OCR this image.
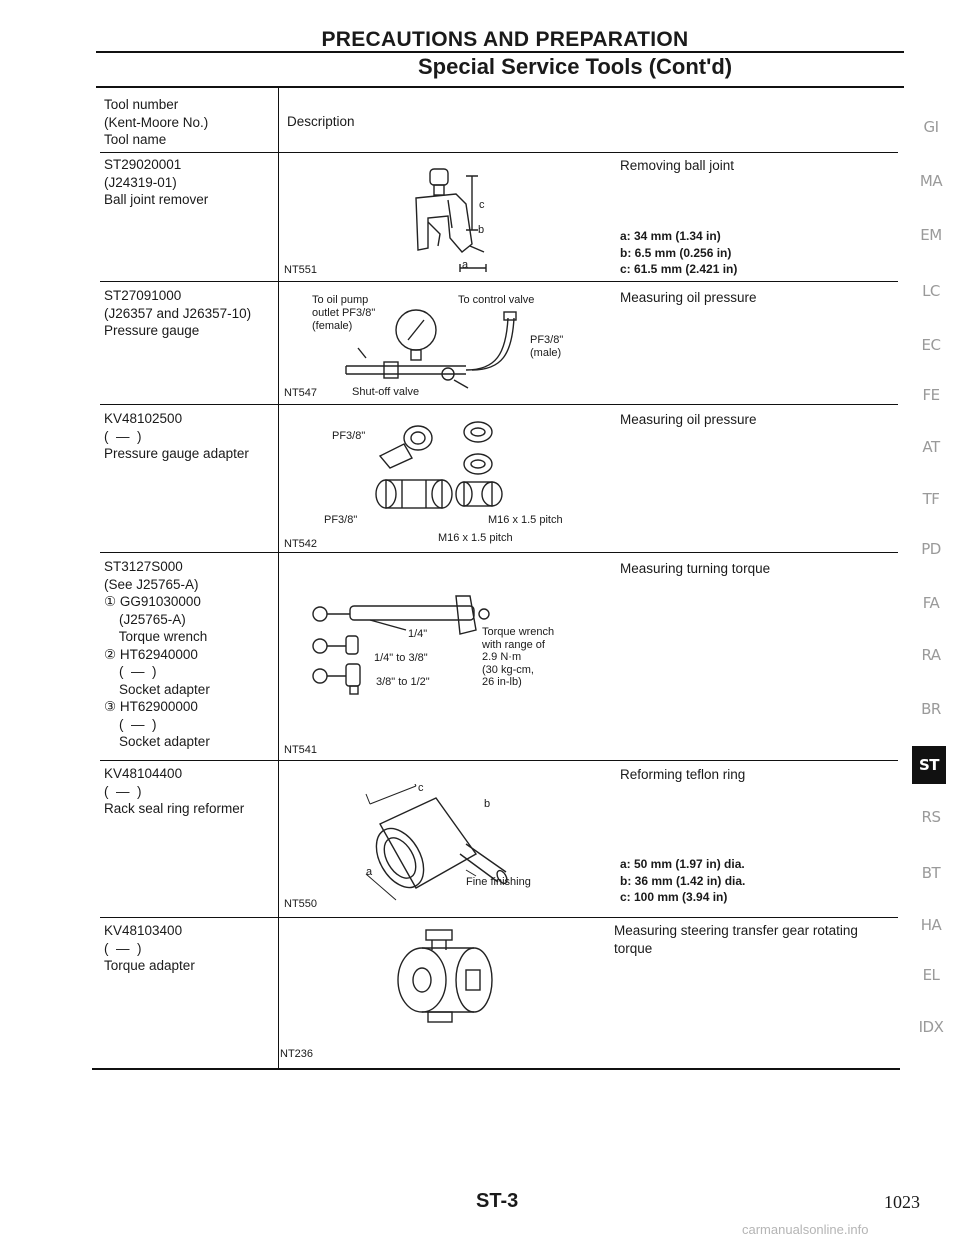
PRECAUTIONS AND PREPARATION
Special Service Tools (Cont'd)
Tool number
(Kent-Moore No.)
Tool name
Description
ST29020001
(J24319-01)
Ball joint remover
Removing ball joint
a: 34 mm (1.34 in)
b: 6.5 mm (0.256 in)
c: 61.5 mm (2.421 in)
NT551
c
b
a
ST27091000
(J26357 and J26357-10)
Pressure gauge
Measuring oil pressure
NT547
To oil pump
outlet PF3/8"
(female)
To control valve
PF3/8"
(male)
Shut-off valve
KV48102500
(  —  )
Pressure gauge adapter
Measuring oil pressure
NT542
PF3/8"
PF3/8"	M16 x 1.5 pitch
M16 x 1.5 pitch
ST3127S000
(See J25765-A)
① GG91030000
(J25765-A)
Torque wrench
② HT62940000
(  —  )
Socket adapter
③ HT62900000
(  —  )
Socket adapter
Measuring turning torque
NT541
1/4"
1/4" to 3/8"
3/8" to 1/2"
Torque wrench
with range of
2.9 N·m
(30 kg-cm,
26 in-lb)
KV48104400
(  —  )
Rack seal ring reformer
Reforming teflon ring
a: 50 mm (1.97 in) dia.
b: 36 mm (1.42 in) dia.
c: 100 mm (3.94 in)
NT550
c
b
a
Fine finishing
KV48103400
(  —  )
Torque adapter
Measuring steering transfer gear rotating torque
NT236
GI
MA
EM
LC
EC
FE
AT
TF
PD
FA
RA
BR
ST
RS
BT
HA
EL
IDX
ST-3	1023
carmanualsonline.info
